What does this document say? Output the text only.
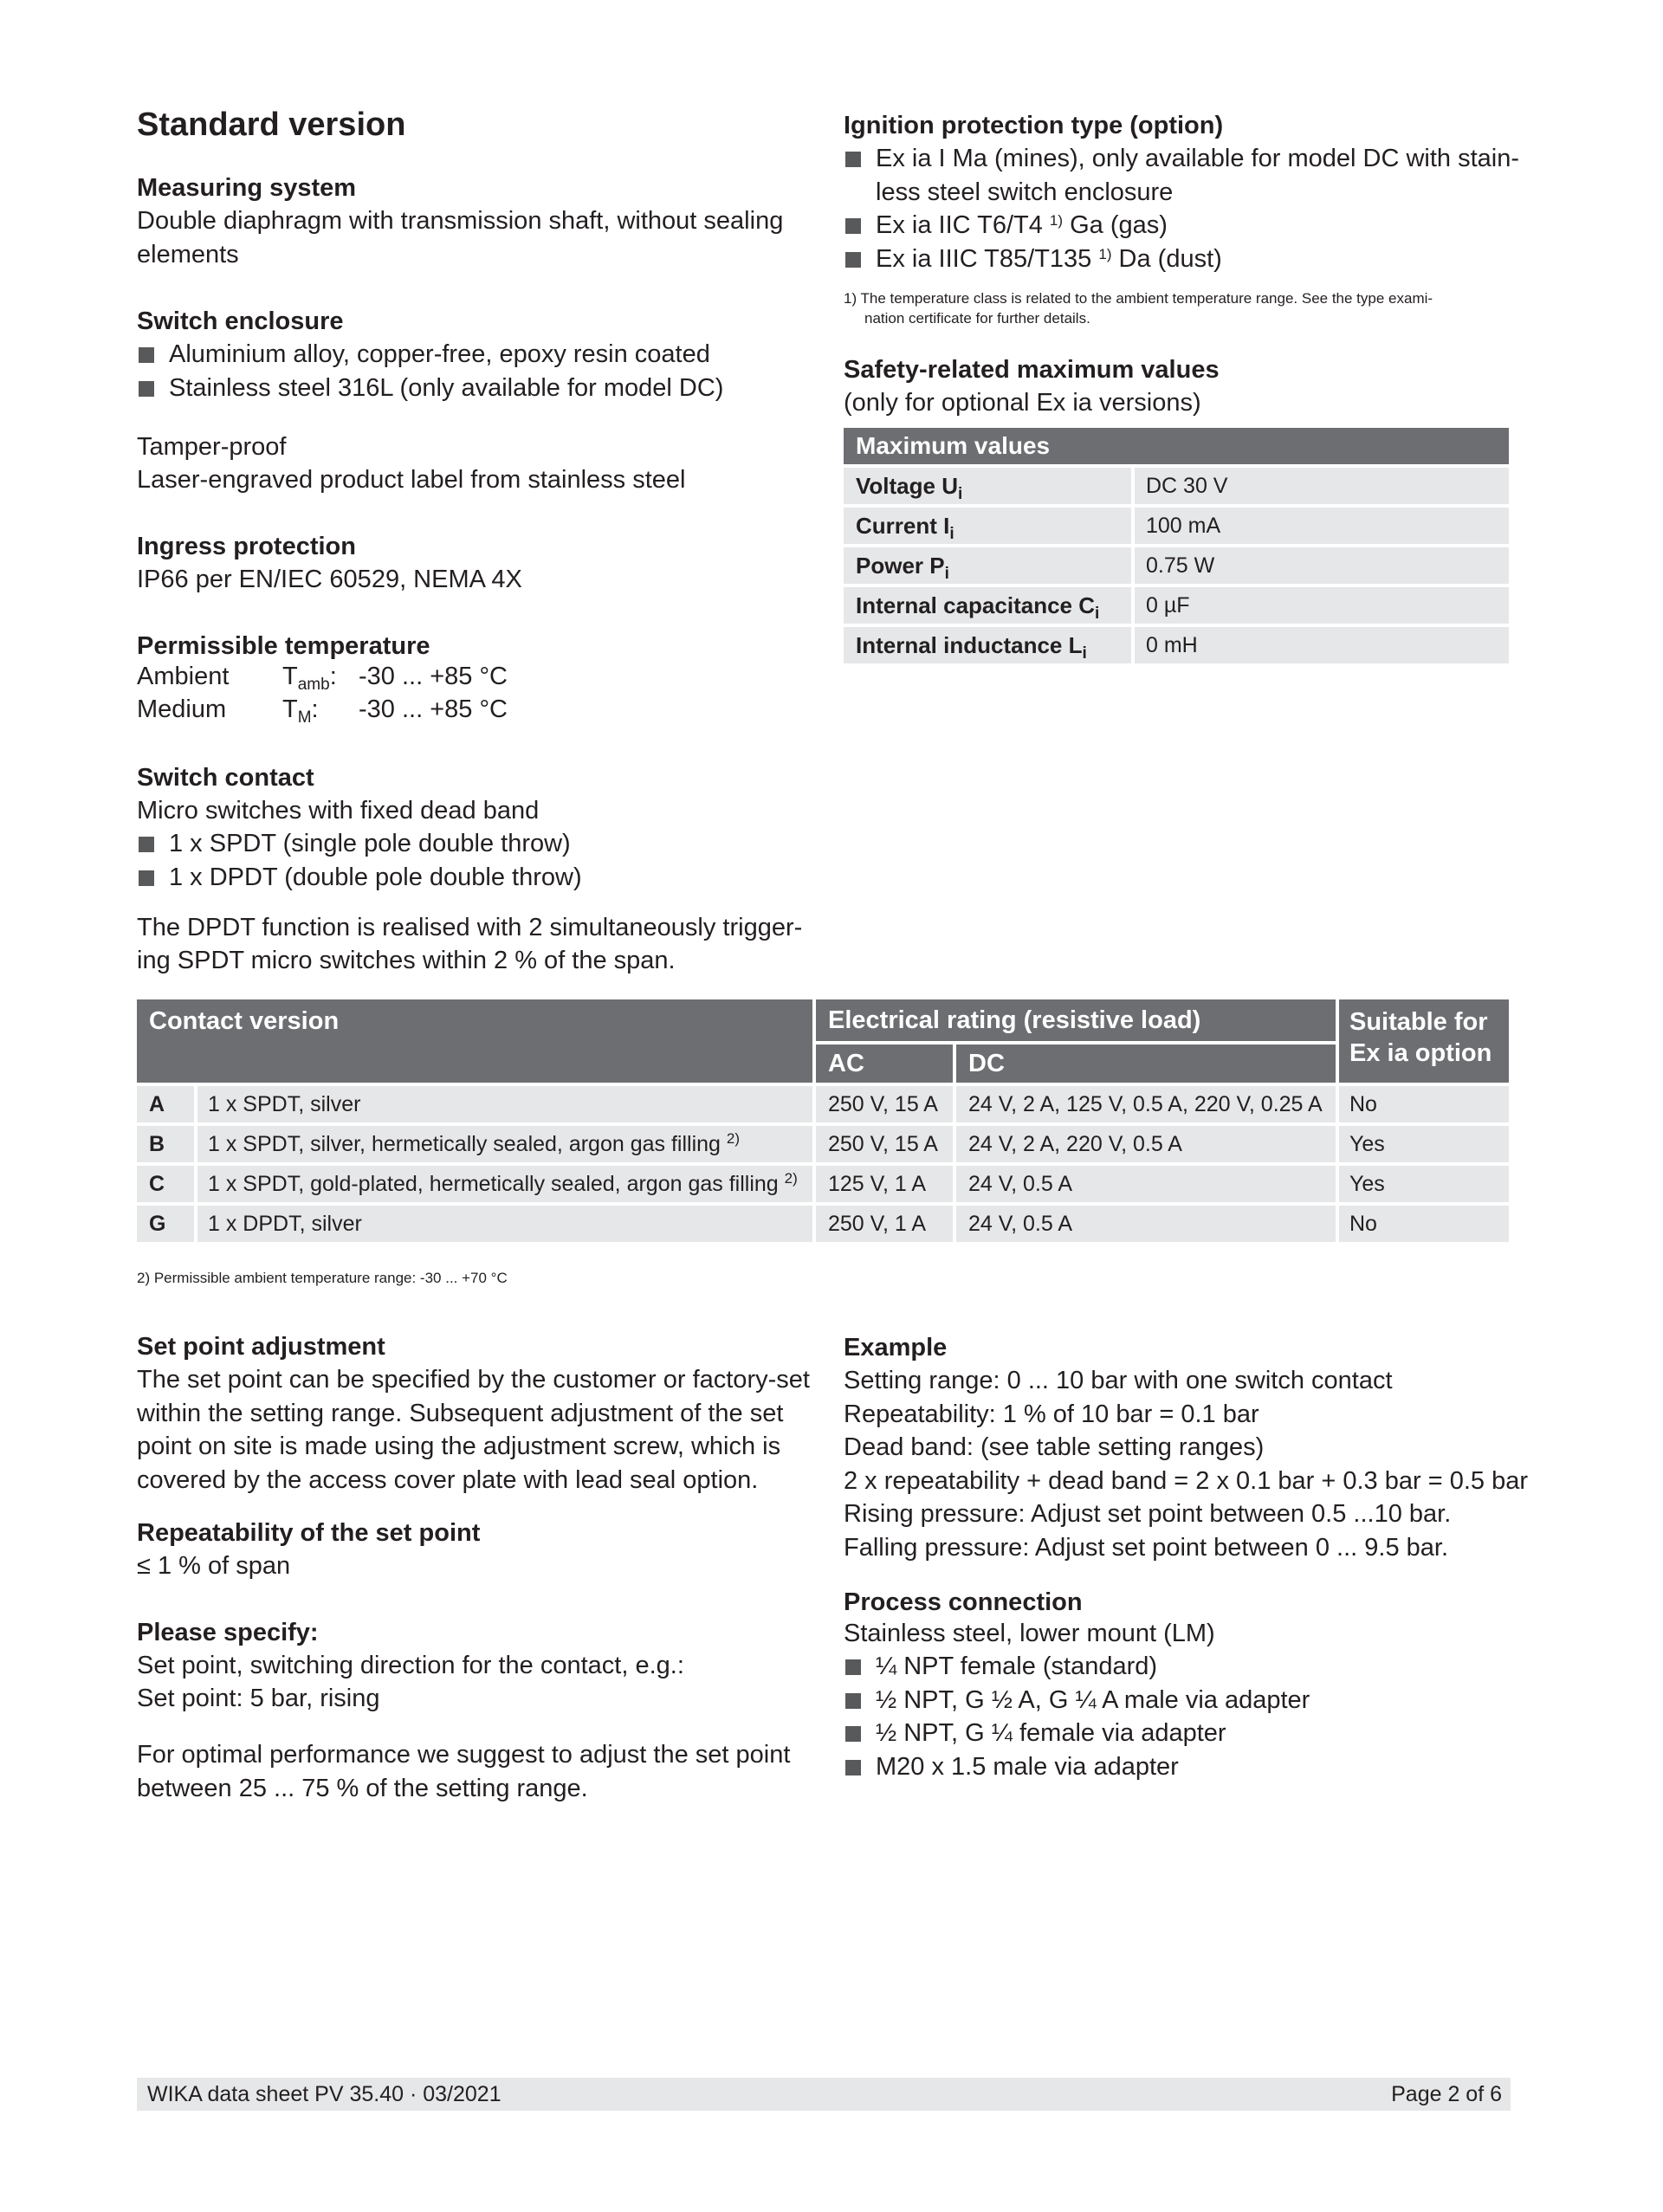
Standard version
Measuring system
Double diaphragm with transmission shaft, without sealing elements
Switch enclosure
Aluminium alloy, copper-free, epoxy resin coated
Stainless steel 316L (only available for model DC)
Tamper-proof
Laser-engraved product label from stainless steel
Ingress protection
IP66 per EN/IEC 60529, NEMA 4X
Permissible temperature
Ambient $T_{amb}$: -30 ... +85 °C
Medium $T_M$: -30 ... +85 °C
Switch contact
Micro switches with fixed dead band
1 x SPDT (single pole double throw)
1 x DPDT (double pole double throw)
The DPDT function is realised with 2 simultaneously trigger-
ing SPDT micro switches within 2 % of the span.
Ignition protection type (option)
Ex ia I Ma (mines), only available for model DC with stain-
less steel switch enclosure
Ex ia IIC T6/T4 $^{1)}$ Ga (gas)
Ex ia IIIC T85/T135 $^{1)}$ Da (dust)
1) The temperature class is related to the ambient temperature range. See the type exami-
nation certificate for further details.
Safety-related maximum values
(only for optional Ex ia versions)
Maximum values
Voltage $U_i$	DC 30 V
Current $I_i$	100 mA
Power $P_i$	0.75 W
Internal capacitance $C_i$	0 µF
Internal inductance $L_i$	0 mH
Contact version	Electrical rating (resistive load)
AC	DC
Suitable for
Ex ia option
A	1 x SPDT, silver	250 V, 15 A	24 V, 2 A, 125 V, 0.5 A, 220 V, 0.25 A	No
B	1 x SPDT, silver, hermetically sealed, argon gas filling $^{2)}$	250 V, 15 A	24 V, 2 A, 220 V, 0.5 A	Yes
C	1 x SPDT, gold-plated, hermetically sealed, argon gas filling $^{2)}$	125 V, 1 A	24 V, 0.5 A	Yes
G	1 x DPDT, silver	250 V, 1 A	24 V, 0.5 A	No
2) Permissible ambient temperature range: -30 ... +70 °C
Set point adjustment
The set point can be specified by the customer or factory-set
within the setting range. Subsequent adjustment of the set
point on site is made using the adjustment screw, which is
covered by the access cover plate with lead seal option.
Repeatability of the set point
≤ 1 % of span
Please specify:
Set point, switching direction for the contact, e.g.:
Set point: 5 bar, rising
For optimal performance we suggest to adjust the set point
between 25 ... 75 % of the setting range.
Example
Setting range: 0 ... 10 bar with one switch contact
Repeatability: 1 % of 10 bar = 0.1 bar
Dead band: (see table setting ranges)
2 x repeatability + dead band = 2 x 0.1 bar + 0.3 bar = 0.5 bar
Rising pressure: Adjust set point between 0.5 ...10 bar.
Falling pressure: Adjust set point between 0 ... 9.5 bar.
Process connection
Stainless steel, lower mount (LM)
¼ NPT female (standard)
½ NPT, G ½ A, G ¼ A male via adapter
½ NPT, G ¼ female via adapter
M20 x 1.5 male via adapter
WIKA data sheet PV 35.40 · 03/2021	Page 2 of 6
